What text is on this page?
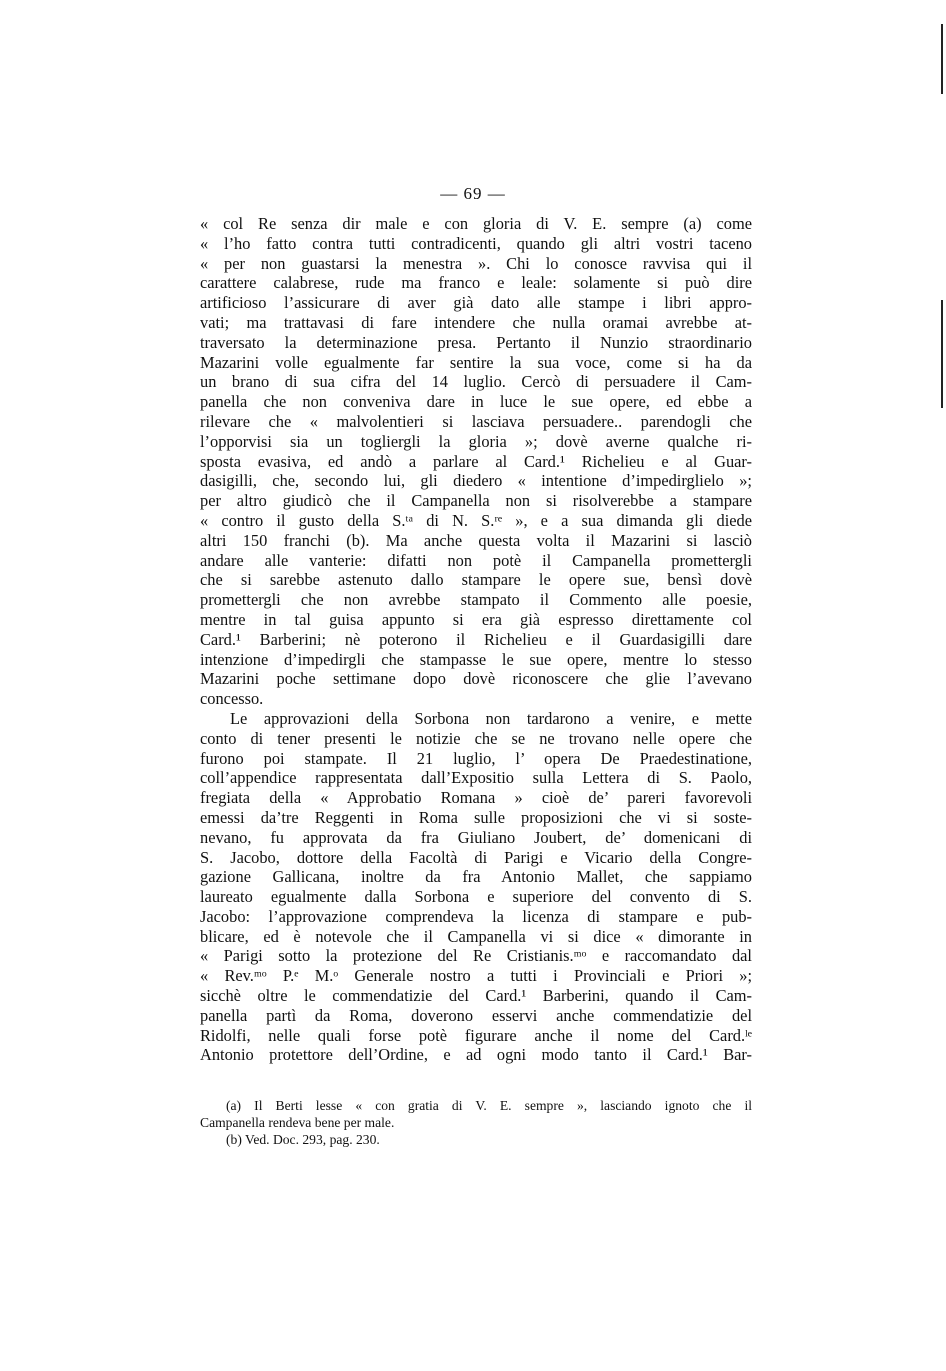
— 69 —
« col Re senza dir male e con gloria di V. E. sempre (a) come
« l’ho fatto contra tutti contradicenti, quando gli altri vostri taceno
« per non guastarsi la menestra ». Chi lo conosce ravvisa qui il
carattere calabrese, rude ma franco e leale: solamente si può dire
artificioso l’assicurare di aver già dato alle stampe i libri appro-
vati; ma trattavasi di fare intendere che nulla oramai avrebbe at-
traversato la determinazione presa. Pertanto il Nunzio straordinario
Mazarini volle egualmente far sentire la sua voce, come si ha da
un brano di sua cifra del 14 luglio. Cercò di persuadere il Cam-
panella che non conveniva dare in luce le sue opere, ed ebbe a
rilevare che « malvolentieri si lasciava persuadere.. parendogli che
l’opporvisi sia un togliergli la gloria »; dovè averne qualche ri-
sposta evasiva, ed andò a parlare al Card.¹ Richelieu e al Guar-
dasigilli, che, secondo lui, gli diedero « intentione d’impedirglielo »;
per altro giudicò che il Campanella non si risolverebbe a stampare
« contro il gusto della S.ᵗᵃ di N. S.ʳᵉ », e a sua dimanda gli diede
altri 150 franchi (b). Ma anche questa volta il Mazarini si lasciò
andare alle vanterie: difatti non potè il Campanella promettergli
che si sarebbe astenuto dallo stampare le opere sue, bensì dovè
promettergli che non avrebbe stampato il Commento alle poesie,
mentre in tal guisa appunto si era già espresso direttamente col
Card.¹ Barberini; nè poterono il Richelieu e il Guardasigilli dare
intenzione d’impedirgli che stampasse le sue opere, mentre lo stesso
Mazarini poche settimane dopo dovè riconoscere che glie l’avevano
concesso.
Le approvazioni della Sorbona non tardarono a venire, e mette
conto di tener presenti le notizie che se ne trovano nelle opere che
furono poi stampate. Il 21 luglio, l’ opera De Praedestinatione,
coll’appendice rappresentata dall’Expositio sulla Lettera di S. Paolo,
fregiata della « Approbatio Romana » cioè de’ pareri favorevoli
emessi da’tre Reggenti in Roma sulle proposizioni che vi si soste-
nevano, fu approvata da fra Giuliano Joubert, de’ domenicani di
S. Jacobo, dottore della Facoltà di Parigi e Vicario della Congre-
gazione Gallicana, inoltre da fra Antonio Mallet, che sappiamo
laureato egualmente dalla Sorbona e superiore del convento di S.
Jacobo: l’approvazione comprendeva la licenza di stampare e pub-
blicare, ed è notevole che il Campanella vi si dice « dimorante in
« Parigi sotto la protezione del Re Cristianis.ᵐᵒ e raccomandato dal
« Rev.ᵐᵒ P.ᵉ M.ᵒ Generale nostro a tutti i Provinciali e Priori »;
sicchè oltre le commendatizie del Card.¹ Barberini, quando il Cam-
panella partì da Roma, doverono esservi anche commendatizie del
Ridolfi, nelle quali forse potè figurare anche il nome del Card.ˡᵉ
Antonio protettore dell’Ordine, e ad ogni modo tanto il Card.¹ Bar-
(a) Il Berti lesse « con gratia di V. E. sempre », lasciando ignoto che il
Campanella rendeva bene per male.
(b) Ved. Doc. 293, pag. 230.
